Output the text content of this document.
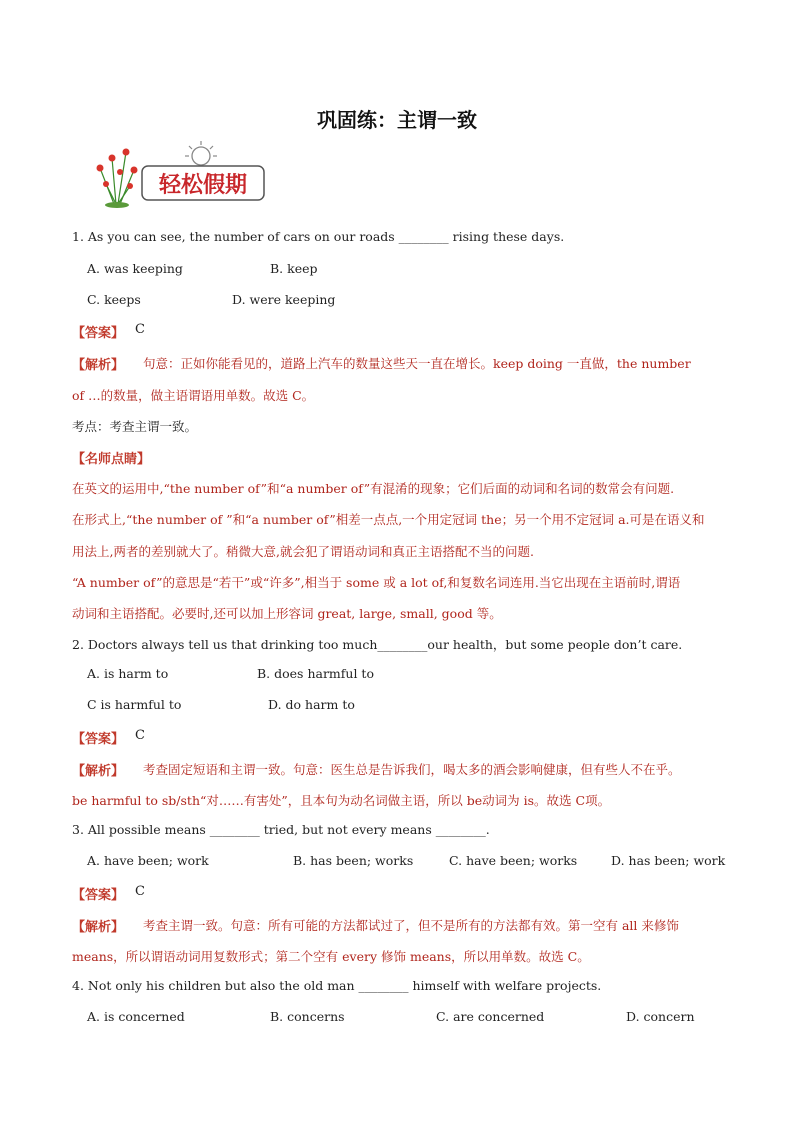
巩固练：主谓一致
轻松假期
1. As you can see, the number of cars on our roads ________ rising these days.
A. was keeping	B. keep
C. keeps	D. were keeping
【答案】 C
【解析】 句意：正如你能看见的，道路上汽车的数量这些天一直在增长。keep doing 一直做，the number
of …的数量，做主语谓语用单数。故选 C。
考点：考查主谓一致。
【名师点睛】
在英文的运用中,“the number of”和“a number of”有混淆的现象；它们后面的动词和名词的数常会有问题.
在形式上,“the number of ”和“a number of”相差一点点,一个用定冠词 the；另一个用不定冠词 a.可是在语义和
用法上,两者的差别就大了。稍微大意,就会犯了谓语动词和真正主语搭配不当的问题.
“A number of”的意思是“若干”或“许多”,相当于 some 或 a lot of,和复数名词连用.当它出现在主语前时,谓语
动词和主语搭配。必要时,还可以加上形容词 great, large, small, good 等。
2. Doctors always tell us that drinking too much________our health，but some people don’t care.
A. is harm to	B. does harmful to
C is harmful to	D. do harm to
【答案】 C
【解析】 考查固定短语和主谓一致。句意：医生总是告诉我们，喝太多的酒会影响健康，但有些人不在乎。
be harmful to sb/sth“对……有害处”，且本句为动名词做主语，所以 be动词为 is。故选 C项。
3. All possible means ________ tried, but not every means ________.
A. have been; work	B. has been; works	C. have been; works	D. has been; work
【答案】 C
【解析】 考查主谓一致。句意：所有可能的方法都试过了，但不是所有的方法都有效。第一空有 all 来修饰
means，所以谓语动词用复数形式；第二个空有 every 修饰 means，所以用单数。故选 C。
4. Not only his children but also the old man ________ himself with welfare projects.
A. is concerned	B. concerns	C. are concerned	D. concern
